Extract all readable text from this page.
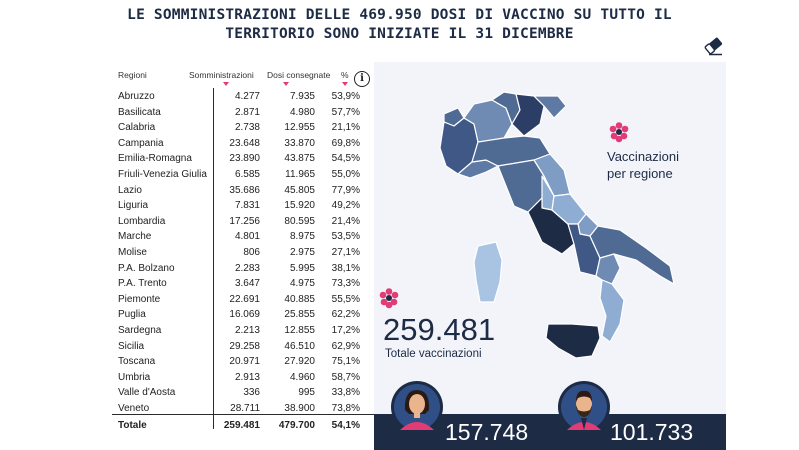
LE SOMMINISTRAZIONI DELLE 469.950 DOSI DI VACCINO SU TUTTO IL
TERRITORIO SONO INIZIATE IL 31 DICEMBRE
Regioni	Somministrazioni Dosi consegnate %	i
Abruzzo	4.277	7.935 53,9%
Basilicata	2.871	4.980 57,7%
Calabria	2.738 12.955 21,1%
Campania	23.648 33.870 69,8%
Emilia-Romagna	23.890 43.875 54,5%
Friuli-Venezia Giulia	6.585	11.965 55,0%
Lazio	35.686 45.805 77,9%
Liguria	7.831 15.920 49,2%
Lombardia	17.256 80.595 21,4%
Marche	4.801	8.975 53,5%
Molise	806	2.975 27,1%
P.A. Bolzano	2.283	5.995 38,1%
P.A. Trento	3.647	4.975 73,3%
Piemonte	22.691 40.885 55,5%
Puglia	16.069 25.855 62,2%
Sardegna	2.213 12.855 17,2%
Sicilia	29.258 46.510 62,9%
Toscana	20.971 27.920 75,1%
Umbria	2.913	4.960 58,7%
Valle d'Aosta	336	995 33,8%
Veneto	28.711 38.900 73,8%
Totale	259.481 479.700 54,1%
Vaccinazioni
per regione
259.481
Totale vaccinazioni
157.748	101.733
